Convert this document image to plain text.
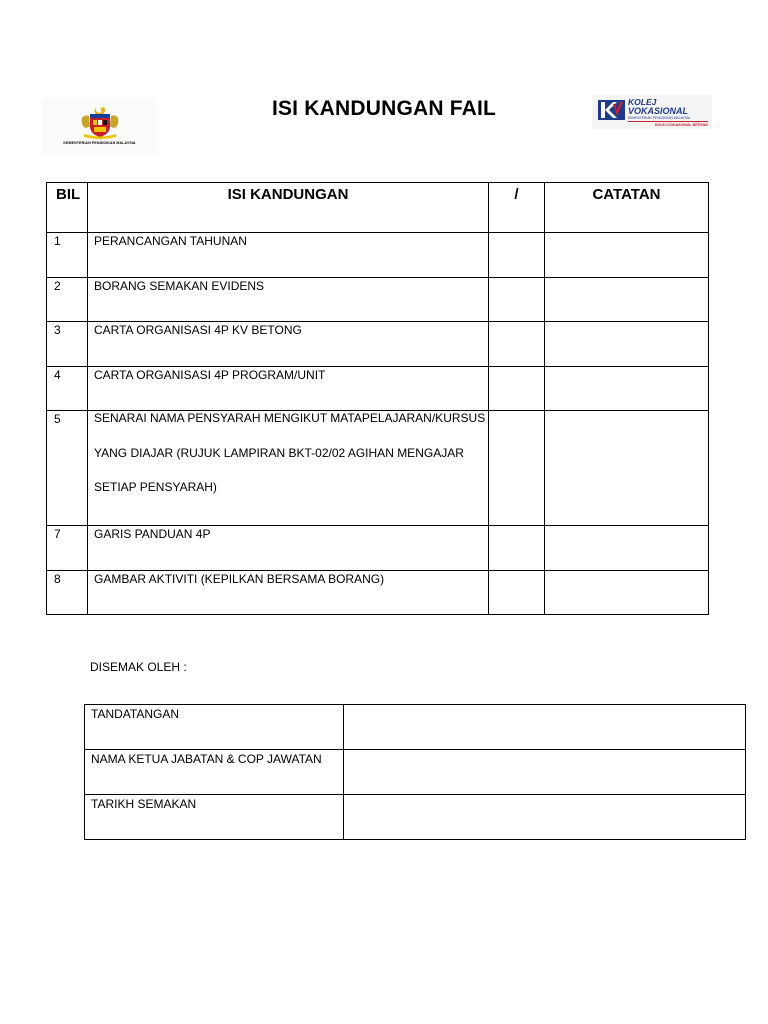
KEMENTERIAN PENDIDIKAN MALAYSIA
ISI KANDUNGAN FAIL	KOLEJ
VOKASIONAL
KEMENTERIAN PENDIDIKAN MALAYSIA
KOLEJ VOKASIONAL BETONG
BIL	ISI KANDUNGAN	/	CATATAN
1	PERANCANGAN TAHUNAN		
2	BORANG SEMAKAN EVIDENS		
3	CARTA ORGANISASI 4P KV BETONG		
4	CARTA ORGANISASI 4P PROGRAM/UNIT		
5	SENARAI NAMA PENSYARAH MENGIKUT MATAPELAJARAN/KURSUS
YANG DIAJAR (RUJUK LAMPIRAN BKT-02/02 AGIHAN MENGAJAR
SETIAP PENSYARAH)		

7	GARIS PANDUAN 4P		
8	GAMBAR AKTIVITI (KEPILKAN BERSAMA BORANG)		
DISEMAK OLEH :
TANDATANGAN	
NAMA KETUA JABATAN & COP JAWATAN	
TARIKH SEMAKAN	
